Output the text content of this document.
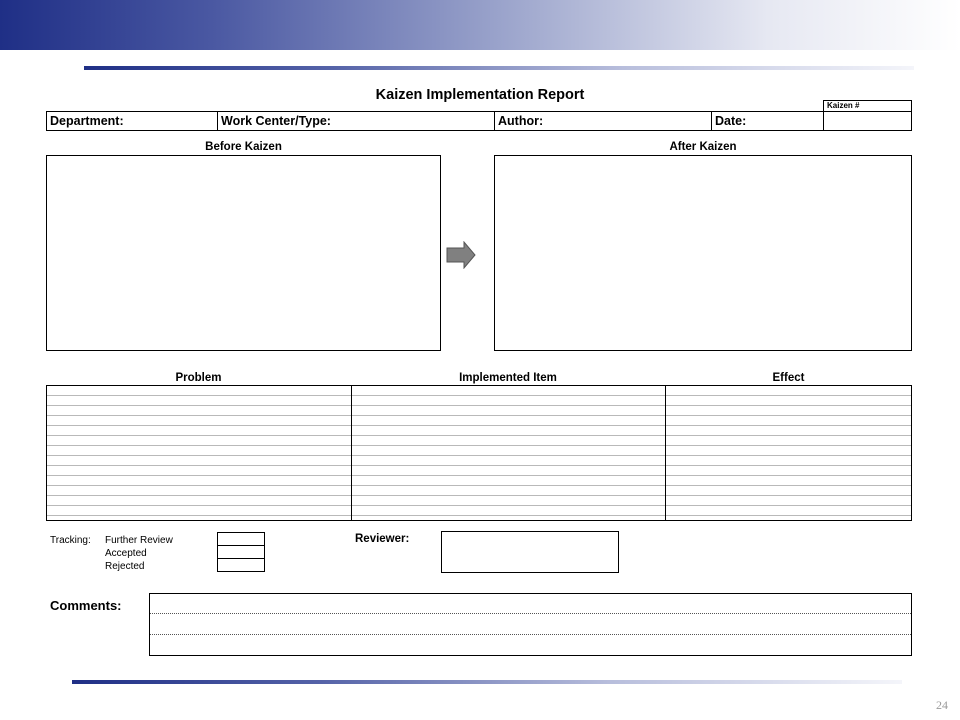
Kaizen Implementation Report
Kaizen #
Department:	Work Center/Type:	Author:	Date:
Before Kaizen	After Kaizen
Problem	Implemented Item	Effect
Tracking: Further Review
Accepted
Rejected
Reviewer:
Comments:
24
